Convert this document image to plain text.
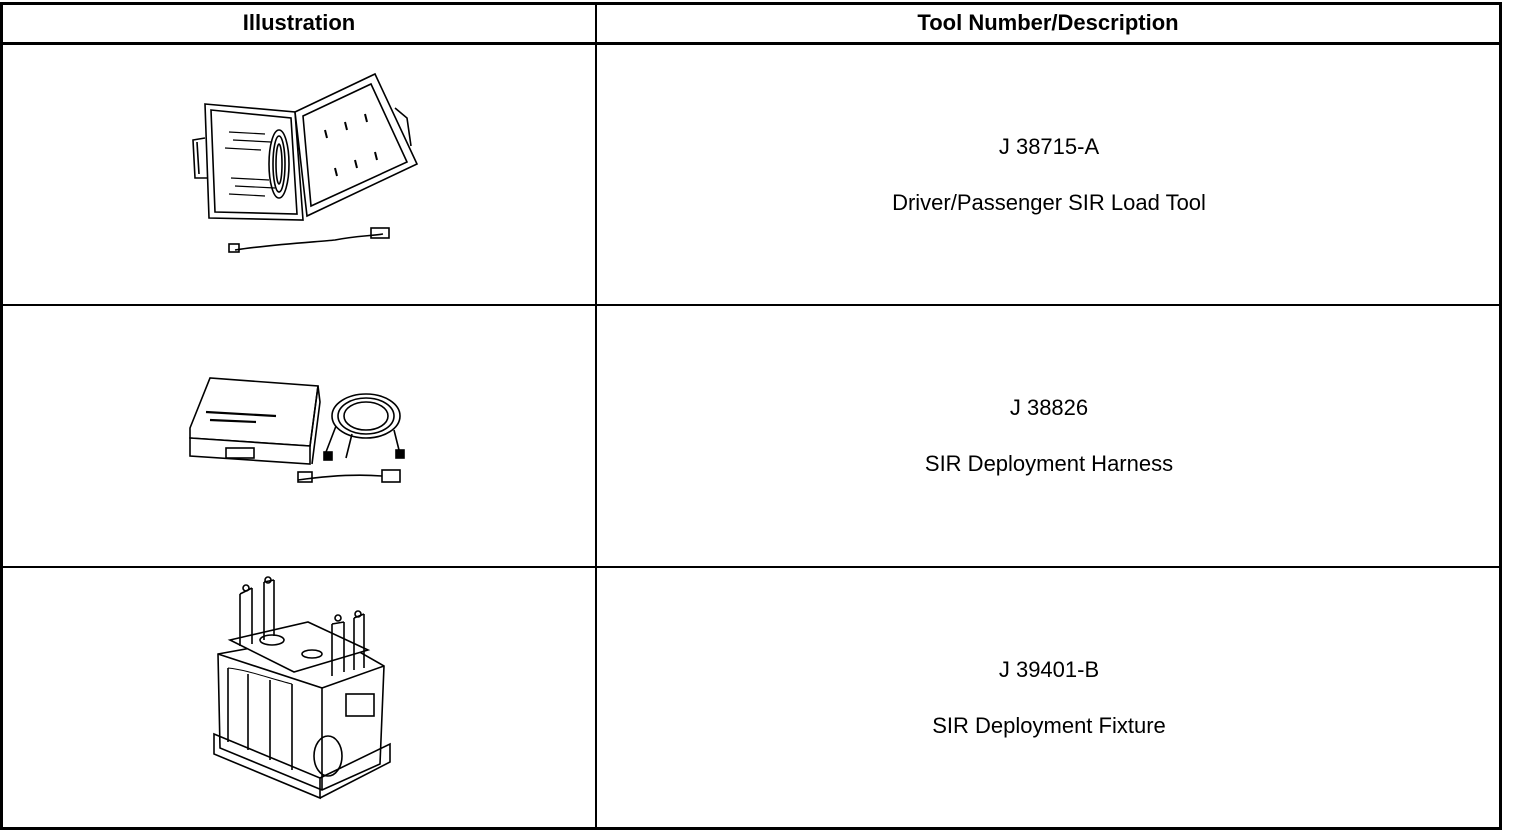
Illustration	Tool Number/Description
J 38715-A
Driver/Passenger SIR Load Tool
J 38826
SIR Deployment Harness
J 39401-B
SIR Deployment Fixture
